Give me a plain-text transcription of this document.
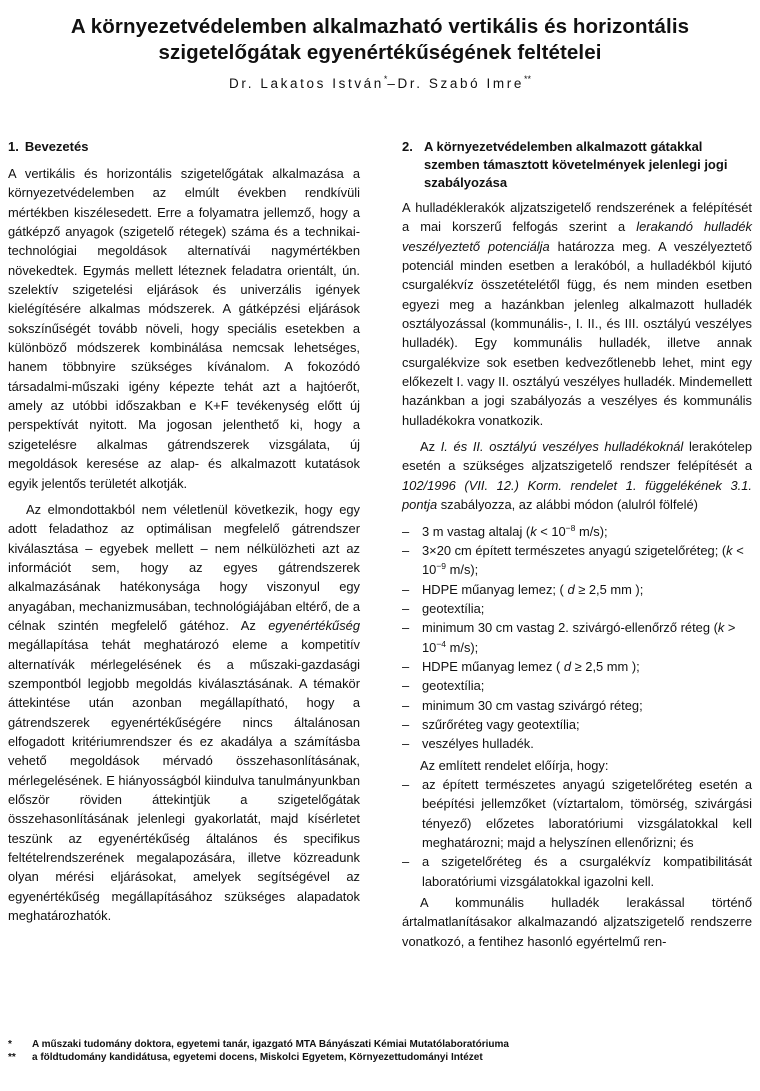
A környezetvédelemben alkalmazható vertikális és horizontális
szigetelőgátak egyenértékűségének feltételei
Dr. Lakatos István*–Dr. Szabó Imre**
1. Bevezetés

A vertikális és horizontális szigetelőgátak alkalmazása a környezetvédelemben az elmúlt években rendkívüli mértékben kiszélesedett. Erre a folyamatra jellemző, hogy a gátképző anyagok (szigetelő rétegek) száma és a technikai-technológiai megoldások alternatívái nagymértékben növekedtek. Egymás mellett léteznek feladatra orientált, ún. szelektív szigetelési eljárások és univerzális igények kielégítésére alkalmas módszerek. A gátképzési eljárások sokszínűségét tovább növeli, hogy speciális esetekben a különböző módszerek kombinálása nemcsak lehetséges, hanem többnyire szükséges kívánalom. A fokozódó társadalmi-műszaki igény képezte tehát azt a hajtóerőt, amely az utóbbi időszakban e K+F tevékenység előtt új perspektívát nyitott. Ma jogosan jelenthető ki, hogy a szigetelésre alkalmas gátrendszerek vizsgálata, új megoldások keresése az alap- és alkalmazott kutatások egyik jelentős területét alkotják.

Az elmondottakból nem véletlenül következik, hogy egy adott feladathoz az optimálisan megfelelő gátrendszer kiválasztása – egyebek mellett – nem nélkülözheti azt az információt sem, hogy az egyes gátrendszerek alkalmazásának hatékonysága hogy viszonyul egy anyagában, mechanizmusában, technológiájában eltérő, de a célnak szintén megfelelő gátéhoz. Az egyenértékűség megállapítása tehát meghatározó eleme a kompetitív alternatívák mérlegelésének és a műszaki-gazdasági szempontból legjobb megoldás kiválasztásának. A témakör áttekintése után azonban megállapítható, hogy a gátrendszerek egyenértékűségére nincs általánosan elfogadott kritériumrendszer és ez akadálya a számításba vehető megoldások mérvadó összehasonlításának, mérlegelésének. E hiányosságból kiindulva tanulmányunkban először röviden áttekintjük a szigetelőgátak összehasonlításának jelenlegi gyakorlatát, majd kísérletet teszünk az egyenértékűség általános és specifikus feltételrendszerének megalapozására, illetve közreadunk olyan mérési eljárásokat, amelyek segítségével az egyenértékűség megállapításához szükséges alapadatok meghatározhatók.

2. A környezetvédelemben alkalmazott gátakkal szemben támasztott követelmények jelenlegi jogi szabályozása

A hulladéklerakók aljzatszigetelő rendszerének a felépítését a mai korszerű felfogás szerint a lerakandó hulladék veszélyeztető potenciálja határozza meg. A veszélyeztető potenciál minden esetben a lerakóból, a hulladékból kijutó csurgalékvíz összetételétől függ, és nem minden esetben egyezi meg a hazánkban jelenleg alkalmazott hulladék osztályozással (kommunális-, I. II., és III. osztályú veszélyes hulladék). Egy kommunális hulladék, illetve annak csurgalékvize sok esetben kedvezőtlenebb lehet, mint egy előkezelt I. vagy II. osztályú veszélyes hulladék. Mindemellett hazánkban a jogi szabályozás a veszélyes és kommunális hulladékokra vonatkozik.

Az I. és II. osztályú veszélyes hulladékoknál lerakótelep esetén a szükséges aljzatszigetelő rendszer felépítését a 102/1996 (VII. 12.) Korm. rendelet 1. függelékének 3.1. pontja szabályozza, az alábbi módon (alulról fölfelé)

– 3 m vastag altalaj ($k < 10^{-8}$ m/s);
– 3×20 cm épített természetes anyagú szigetelőréteg; ($k < 10^{-9}$ m/s);
– HDPE műanyag lemez; ( d ≥ 2,5 mm );
– geotextília;
– minimum 30 cm vastag 2. szivárgó-ellenőrző réteg ($k > 10^{-4}$ m/s);
– HDPE műanyag lemez ( d ≥ 2,5 mm );
– geotextília;
– minimum 30 cm vastag szivárgó réteg;
– szűrőréteg vagy geotextília;
– veszélyes hulladék.

Az említett rendelet előírja, hogy:

– az épített természetes anyagú szigetelőréteg esetén a beépítési jellemzőket (víztartalom, tömörség, szivárgási tényező) előzetes laboratóriumi vizsgálatokkal kell meghatározni; majd a helyszínen ellenőrizni; és
– a szigetelőréteg és a csurgalékvíz kompatibilitását laboratóriumi vizsgálatokkal igazolni kell.

A kommunális hulladék lerakással történő ártalmatlanításakor alkalmazandó aljzatszigetelő rendszerre vonatkozó, a fentihez hasonló egyértelmű ren-

*	A műszaki tudomány doktora, egyetemi tanár, igazgató MTA Bányászati Kémiai Mutatólaboratóriuma
**	a földtudomány kandidátusa, egyetemi docens, Miskolci Egyetem, Környezettudományi Intézet
